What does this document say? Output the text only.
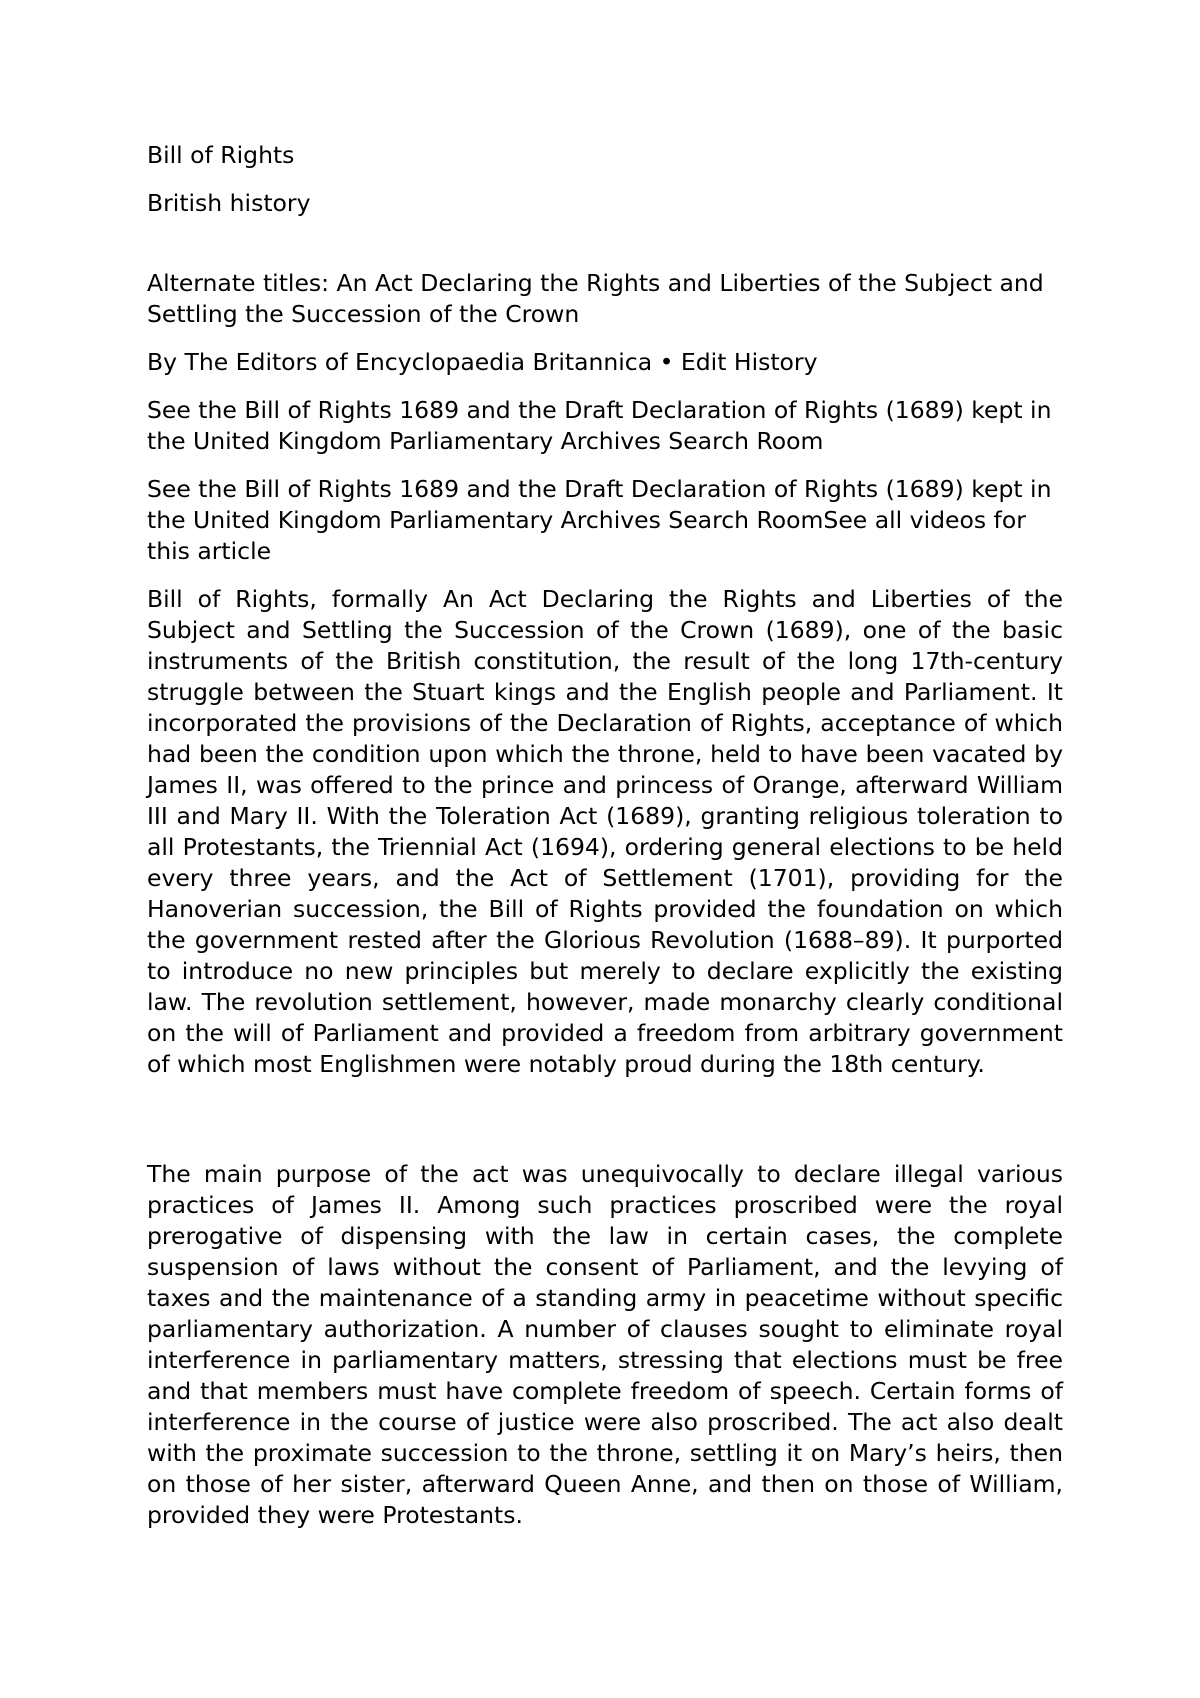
Bill of Rights

British history

Alternate titles: An Act Declaring the Rights and Liberties of the Subject and Settling the Succession of the Crown

By The Editors of Encyclopaedia Britannica • Edit History

See the Bill of Rights 1689 and the Draft Declaration of Rights (1689) kept in the United Kingdom Parliamentary Archives Search Room

See the Bill of Rights 1689 and the Draft Declaration of Rights (1689) kept in the United Kingdom Parliamentary Archives Search RoomSee all videos for this article

Bill of Rights, formally An Act Declaring the Rights and Liberties of the Subject and Settling the Succession of the Crown (1689), one of the basic instruments of the British constitution, the result of the long 17th-century struggle between the Stuart kings and the English people and Parliament. It incorporated the provisions of the Declaration of Rights, acceptance of which had been the condition upon which the throne, held to have been vacated by James II, was offered to the prince and princess of Orange, afterward William III and Mary II. With the Toleration Act (1689), granting religious toleration to all Protestants, the Triennial Act (1694), ordering general elections to be held every three years, and the Act of Settlement (1701), providing for the Hanoverian succession, the Bill of Rights provided the foundation on which the government rested after the Glorious Revolution (1688–89). It purported to introduce no new principles but merely to declare explicitly the existing law. The revolution settlement, however, made monarchy clearly conditional on the will of Parliament and provided a freedom from arbitrary government of which most Englishmen were notably proud during the 18th century.

The main purpose of the act was unequivocally to declare illegal various practices of James II. Among such practices proscribed were the royal prerogative of dispensing with the law in certain cases, the complete suspension of laws without the consent of Parliament, and the levying of taxes and the maintenance of a standing army in peacetime without specific parliamentary authorization. A number of clauses sought to eliminate royal interference in parliamentary matters, stressing that elections must be free and that members must have complete freedom of speech. Certain forms of interference in the course of justice were also proscribed. The act also dealt with the proximate succession to the throne, settling it on Mary’s heirs, then on those of her sister, afterward Queen Anne, and then on those of William, provided they were Protestants.
